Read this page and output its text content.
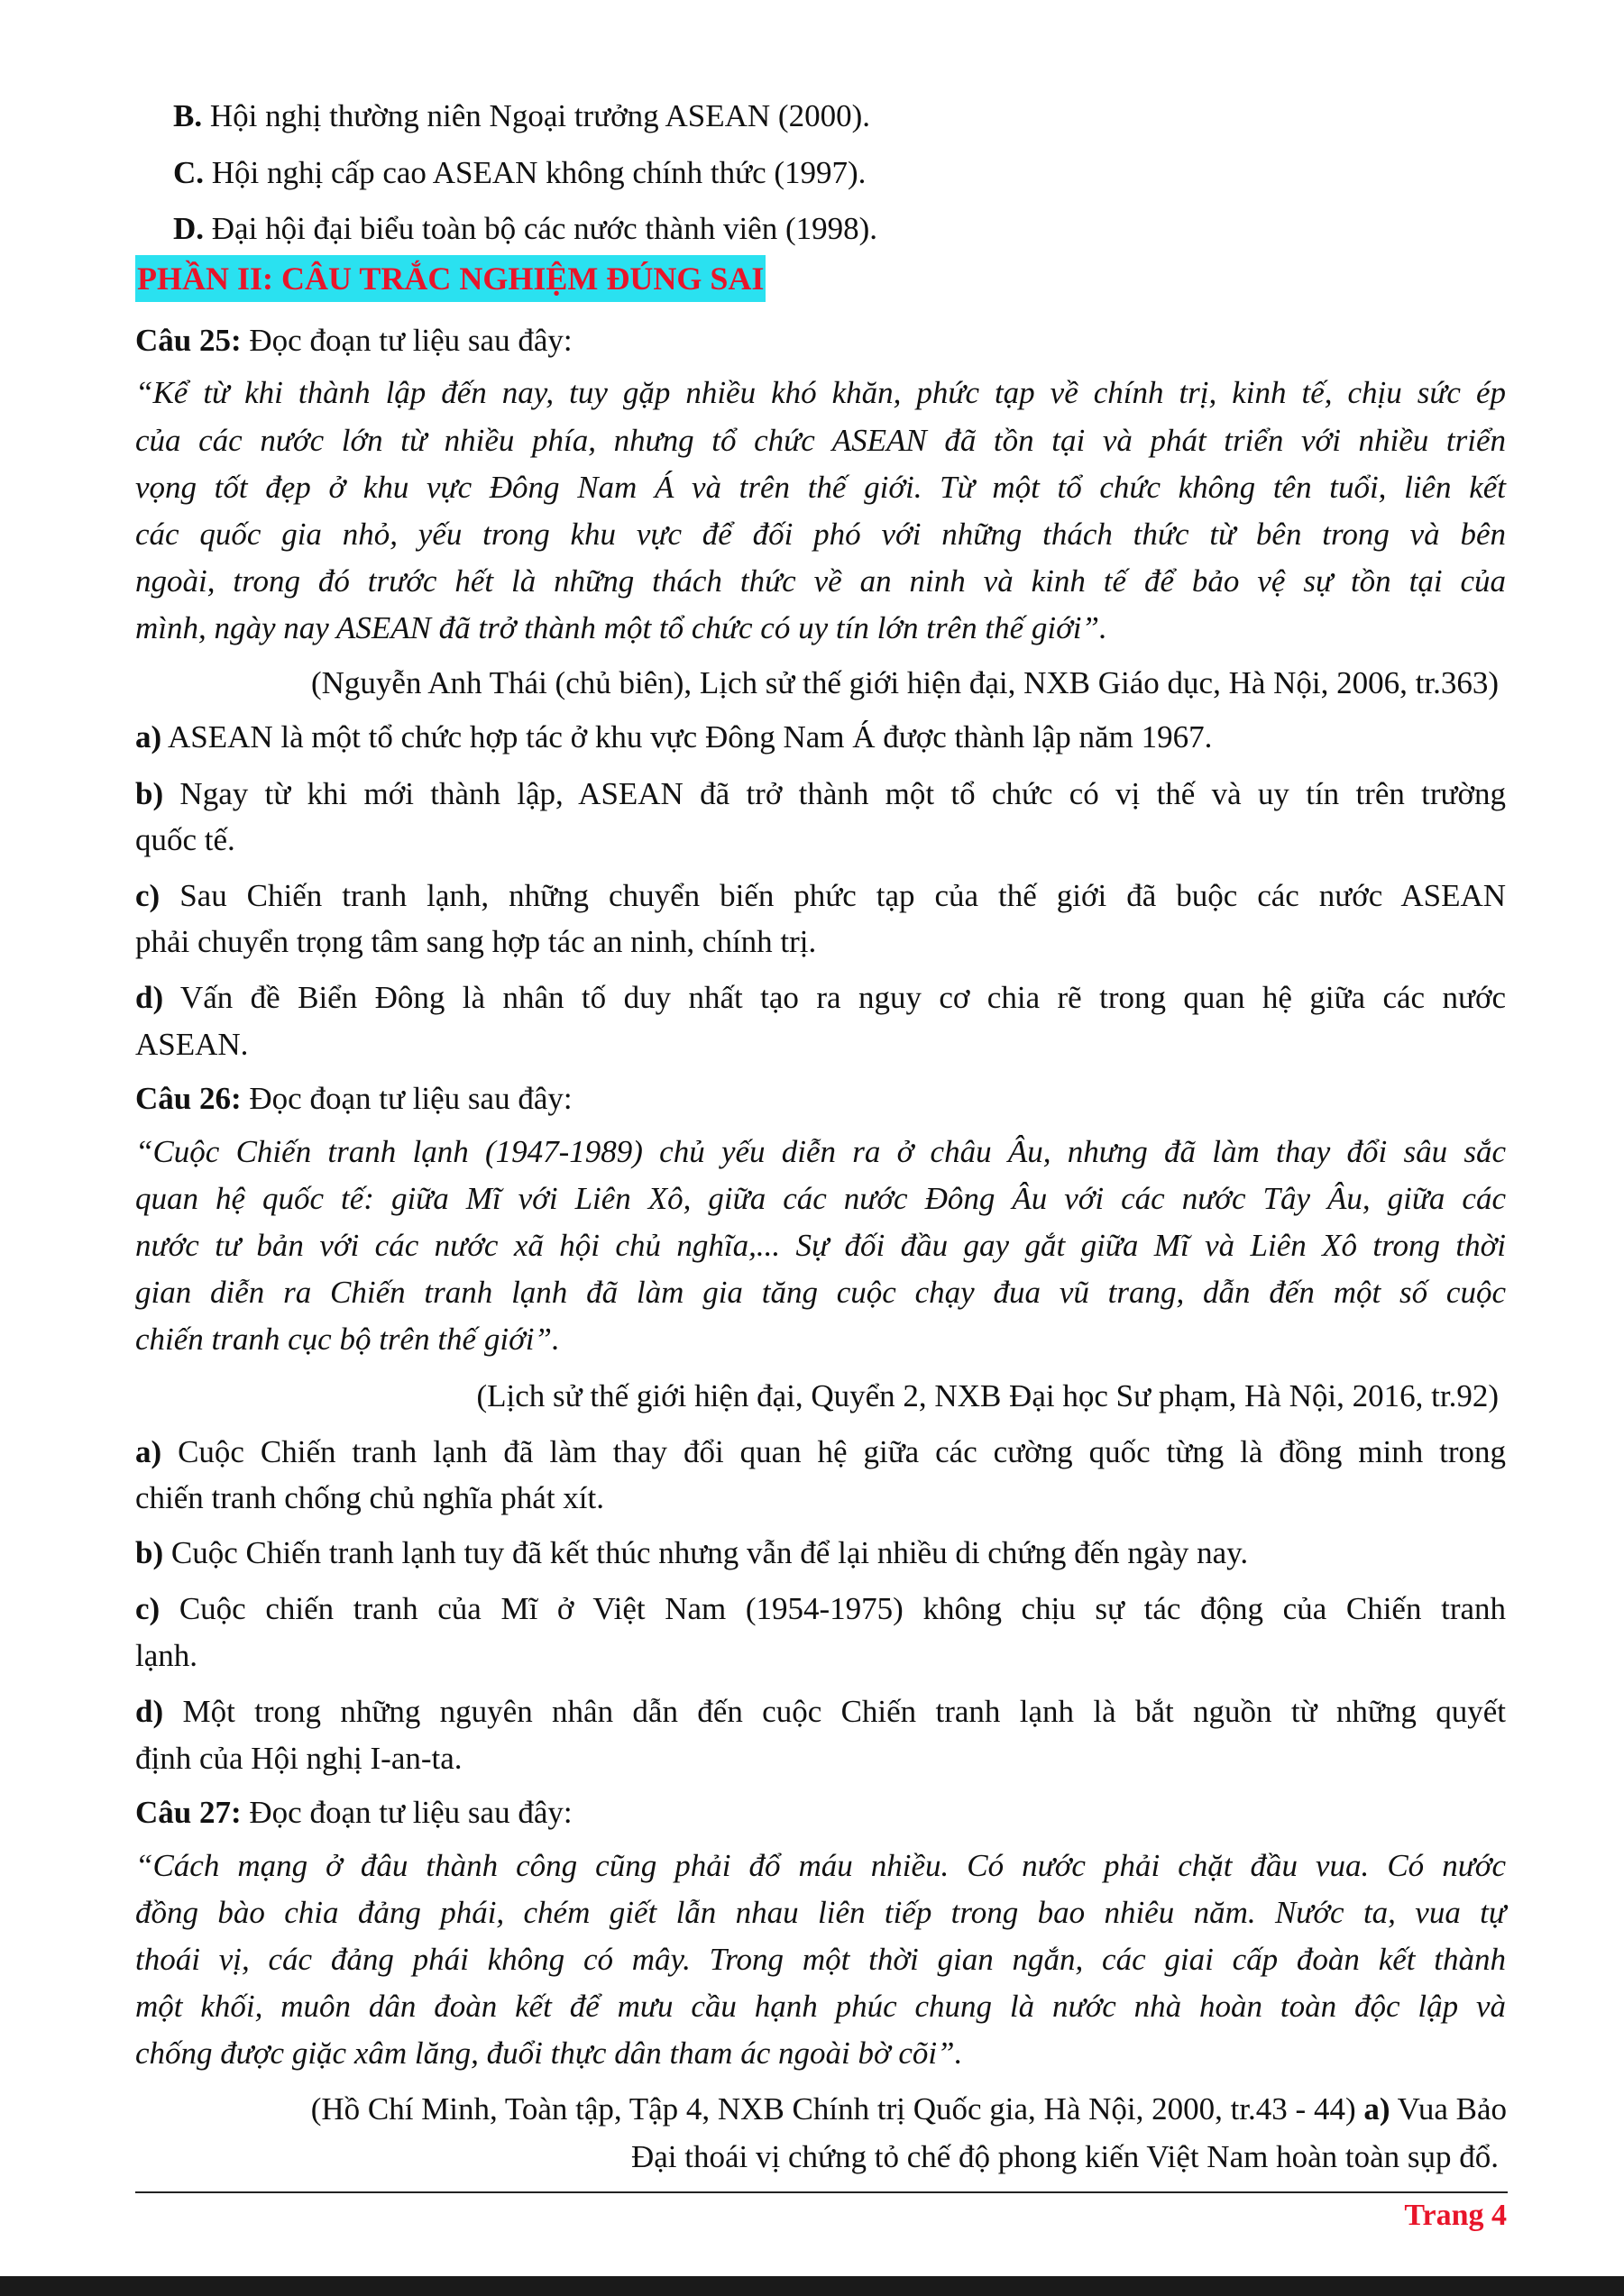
B. Hội nghị thường niên Ngoại trưởng ASEAN (2000).
C. Hội nghị cấp cao ASEAN không chính thức (1997).
D. Đại hội đại biểu toàn bộ các nước thành viên (1998).
PHẦN II: CÂU TRẮC NGHIỆM ĐÚNG SAI
Câu 25: Đọc đoạn tư liệu sau đây:
“Kể từ khi thành lập đến nay, tuy gặp nhiều khó khăn, phức tạp về chính trị, kinh tế, chịu sức ép
của các nước lớn từ nhiều phía, nhưng tổ chức ASEAN đã tồn tại và phát triển với nhiều triển
vọng tốt đẹp ở khu vực Đông Nam Á và trên thế giới. Từ một tổ chức không tên tuổi, liên kết
các quốc gia nhỏ, yếu trong khu vực để đối phó với những thách thức từ bên trong và bên
ngoài, trong đó trước hết là những thách thức về an ninh và kinh tế để bảo vệ sự tồn tại của
mình, ngày nay ASEAN đã trở thành một tổ chức có uy tín lớn trên thế giới”.
(Nguyễn Anh Thái (chủ biên), Lịch sử thế giới hiện đại, NXB Giáo dục, Hà Nội, 2006, tr.363)
a) ASEAN là một tổ chức hợp tác ở khu vực Đông Nam Á được thành lập năm 1967.
b) Ngay từ khi mới thành lập, ASEAN đã trở thành một tổ chức có vị thế và uy tín trên trường
quốc tế.
c) Sau Chiến tranh lạnh, những chuyển biến phức tạp của thế giới đã buộc các nước ASEAN
phải chuyển trọng tâm sang hợp tác an ninh, chính trị.
d) Vấn đề Biển Đông là nhân tố duy nhất tạo ra nguy cơ chia rẽ trong quan hệ giữa các nước
ASEAN.
Câu 26: Đọc đoạn tư liệu sau đây:
“Cuộc Chiến tranh lạnh (1947-1989) chủ yếu diễn ra ở châu Âu, nhưng đã làm thay đổi sâu sắc
quan hệ quốc tế: giữa Mĩ với Liên Xô, giữa các nước Đông Âu với các nước Tây Âu, giữa các
nước tư bản với các nước xã hội chủ nghĩa,... Sự đối đầu gay gắt giữa Mĩ và Liên Xô trong thời
gian diễn ra Chiến tranh lạnh đã làm gia tăng cuộc chạy đua vũ trang, dẫn đến một số cuộc
chiến tranh cục bộ trên thế giới”.
(Lịch sử thế giới hiện đại, Quyển 2, NXB Đại học Sư phạm, Hà Nội, 2016, tr.92)
a) Cuộc Chiến tranh lạnh đã làm thay đổi quan hệ giữa các cường quốc từng là đồng minh trong
chiến tranh chống chủ nghĩa phát xít.
b) Cuộc Chiến tranh lạnh tuy đã kết thúc nhưng vẫn để lại nhiều di chứng đến ngày nay.
c) Cuộc chiến tranh của Mĩ ở Việt Nam (1954-1975) không chịu sự tác động của Chiến tranh
lạnh.
d) Một trong những nguyên nhân dẫn đến cuộc Chiến tranh lạnh là bắt nguồn từ những quyết
định của Hội nghị I-an-ta.
Câu 27: Đọc đoạn tư liệu sau đây:
“Cách mạng ở đâu thành công cũng phải đổ máu nhiều. Có nước phải chặt đầu vua. Có nước
đồng bào chia đảng phái, chém giết lẫn nhau liên tiếp trong bao nhiêu năm. Nước ta, vua tự
thoái vị, các đảng phái không có mây. Trong một thời gian ngắn, các giai cấp đoàn kết thành
một khối, muôn dân đoàn kết để mưu cầu hạnh phúc chung là nước nhà hoàn toàn độc lập và
chống được giặc xâm lăng, đuổi thực dân tham ác ngoài bờ cõi”.
(Hồ Chí Minh, Toàn tập, Tập 4, NXB Chính trị Quốc gia, Hà Nội, 2000, tr.43 - 44) a) Vua Bảo
Đại thoái vị chứng tỏ chế độ phong kiến Việt Nam hoàn toàn sụp đổ.
Trang 4
